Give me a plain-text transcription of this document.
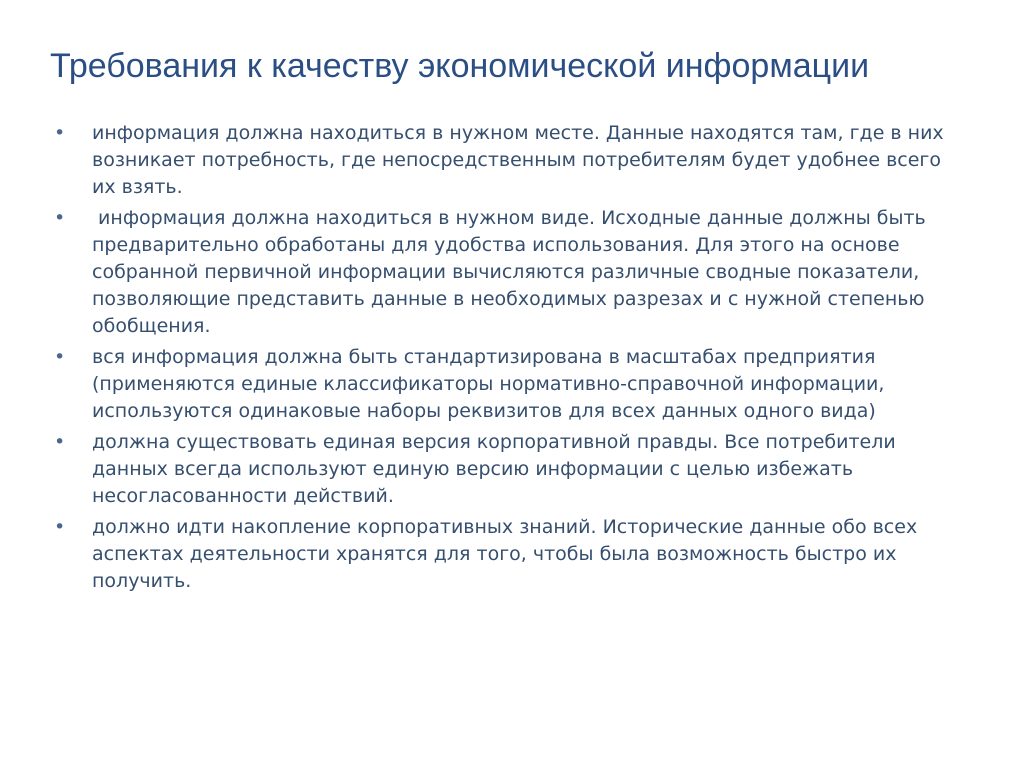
Требования к качеству экономической информации
• информация должна находиться в нужном месте. Данные находятся там, где в них возникает потребность, где непосредственным потребителям будет удобнее всего их взять.
• информация должна находиться в нужном виде. Исходные данные должны быть предварительно обработаны для удобства использования. Для этого на основе собранной первичной информации вычисляются различные сводные показатели, позволяющие представить данные в необходимых разрезах и с нужной степенью обобщения.
• вся информация должна быть стандартизирована в масштабах предприятия (применяются единые классификаторы нормативно-справочной информации, используются одинаковые наборы реквизитов для всех данных одного вида)
• должна существовать единая версия корпоративной правды. Все потребители данных всегда используют единую версию информации с целью избежать несогласованности действий.
• должно идти накопление корпоративных знаний. Исторические данные обо всех аспектах деятельности хранятся для того, чтобы была возможность быстро их получить.
